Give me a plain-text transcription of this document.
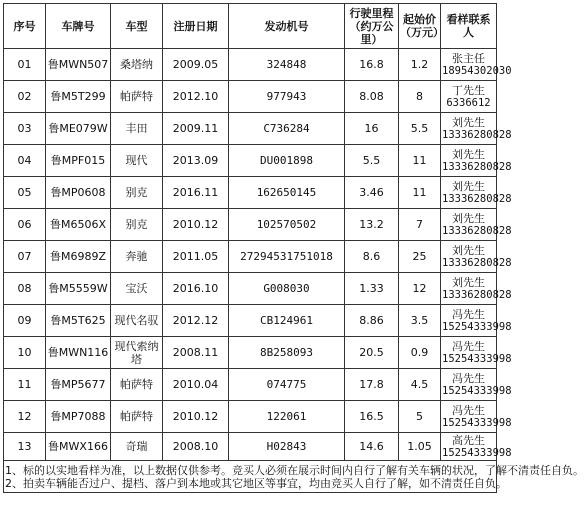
序号	车牌号	车型	注册日期	发动机号	行驶里程（约万公里）	起始价（万元）	看样联系人
01	鲁MWN507	桑塔纳	2009.05	324848	16.8	1.2	张主任
18954302030

02	鲁M5T299	帕萨特	2012.10	977943	8.08	8	丁先生
6336612

03	鲁ME079W	丰田	2009.11	C736284	16	5.5	刘先生
13336280828

04	鲁MPF015	现代	2013.09	DU001898	5.5	11	刘先生
13336280828

05	鲁MP0608	别克	2016.11	162650145	3.46	11	刘先生
13336280828

06	鲁M6506X	别克	2010.12	102570502	13.2	7	刘先生
13336280828

07	鲁M6989Z	奔驰	2011.05	27294531751018	8.6	25	刘先生
13336280828

08	鲁M5559W	宝沃	2016.10	G008030	1.33	12	刘先生
13336280828

09	鲁M5T625	现代名驭	2012.12	CB124961	8.86	3.5	冯先生
15254333998

10	鲁MWN116	现代索纳塔	2008.11	8B258093	20.5	0.9	冯先生
15254333998

11	鲁MP5677	帕萨特	2010.04	074775	17.8	4.5	冯先生
15254333998

12	鲁MP7088	帕萨特	2010.12	122061	16.5	5	冯先生
15254333998

13	鲁MWX166	奇瑞	2008.10	H02843	14.6	1.05	高先生
15254333998

1、标的以实地看样为准，以上数据仅供参考。竞买人必须在展示时间内自行了解有关车辆的状况，了解不清责任自负。
2、拍卖车辆能否过户、提档、落户到本地或其它地区等事宜，均由竞买人自行了解，如不清责任自负。							
